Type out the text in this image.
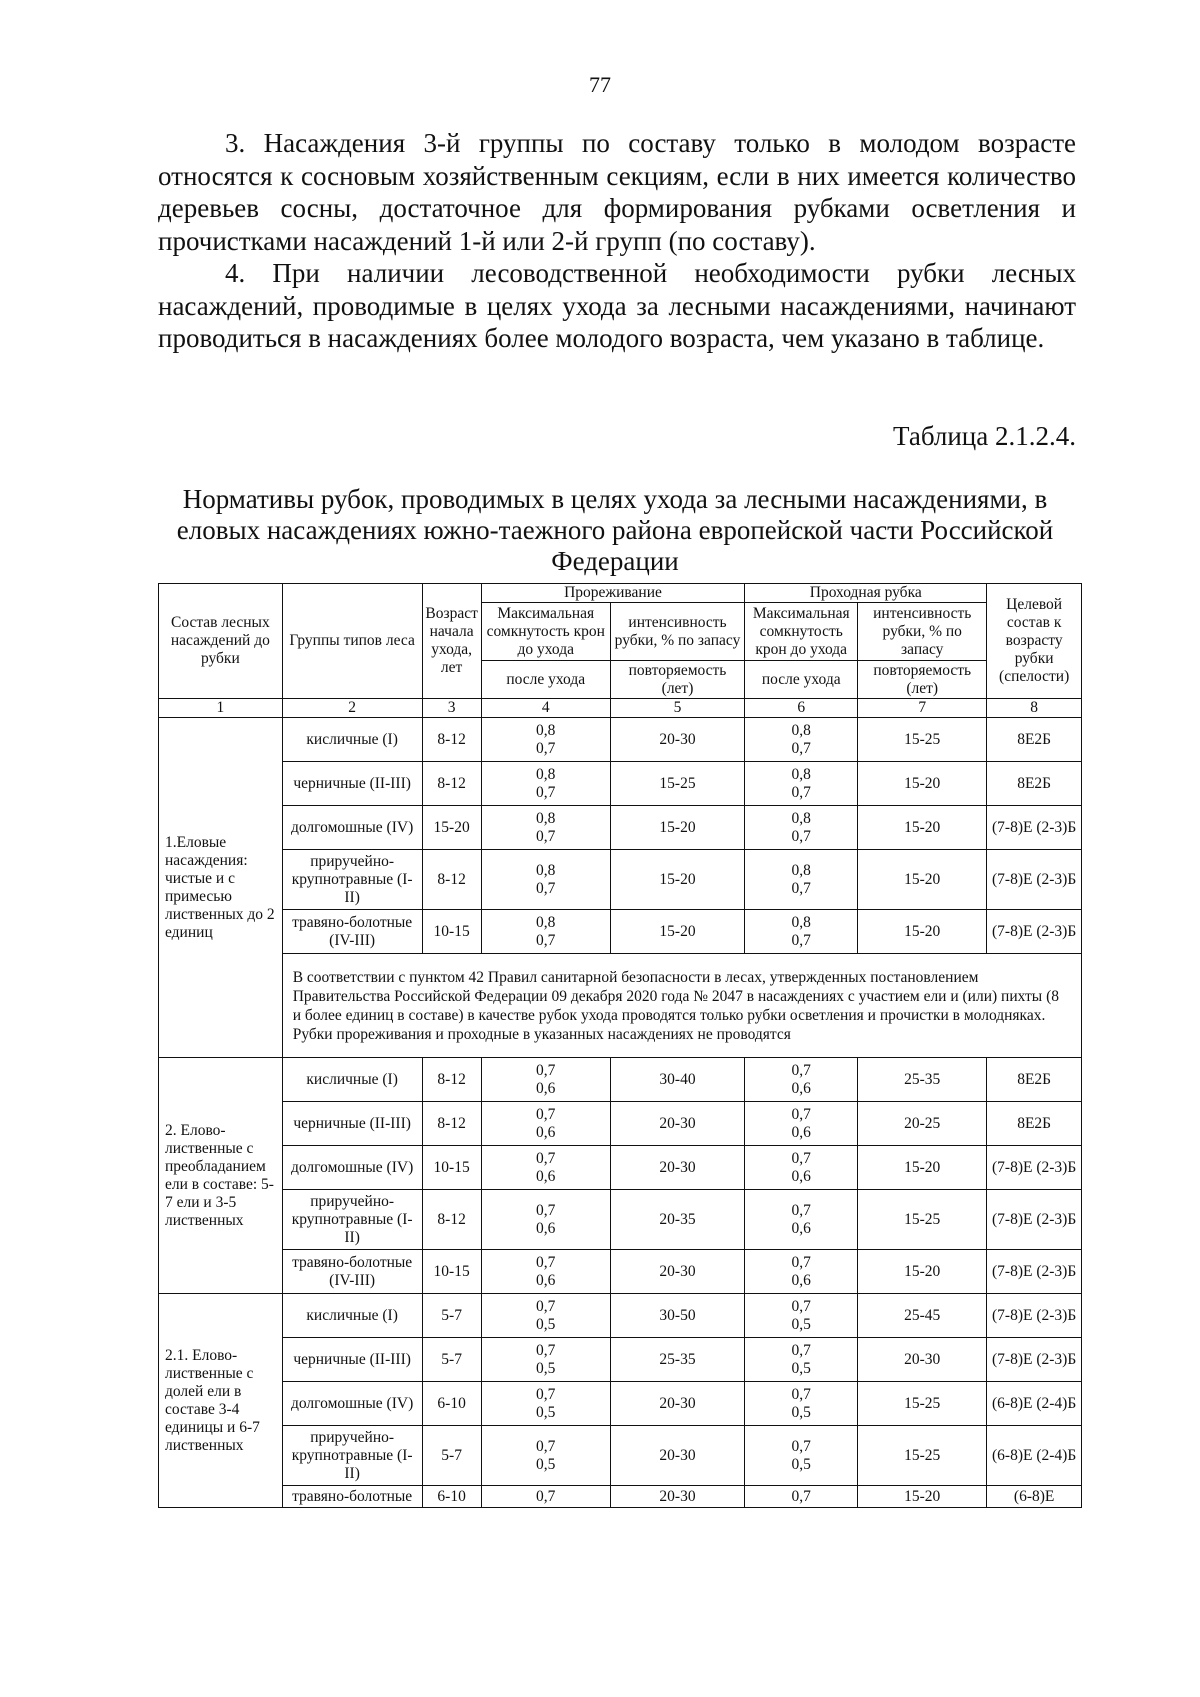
77

3. Насаждения 3-й группы по составу только в молодом возрасте относятся к сосновым хозяйственным секциям, если в них имеется количество деревьев сосны, достаточное для формирования рубками осветления и прочистками насаждений 1-й или 2-й групп (по составу).

4. При наличии лесоводственной необходимости рубки лесных насаждений, проводимые в целях ухода за лесными насаждениями, начинают проводиться в насаждениях более молодого возраста, чем указано в таблице.

Таблица 2.1.2.4.
Нормативы рубок, проводимых в целях ухода за лесными насаждениями, в еловых насаждениях южно-таежного района европейской части Российской Федерации
Состав лесных насаждений до рубки	Группы типов леса	Возраст начала ухода, лет	Прореживание		Проходная рубка		Целевой состав к возрасту рубки (спелости)
			Максимальная сомкнутость крон до ухода	интенсивность рубки, % по запасу	Максимальная сомкнутость крон до ухода	интенсивность рубки, % по запасу	
			после ухода	повторяемость (лет)	после ухода	повторяемость (лет)	
1	2	3	4	5	6	7	8
1.Еловые насаждения: чистые и с примесью лиственных до 2 единиц	кисличные (I)	8-12	0,8
0,7	20-30	0,8
0,7	15-25	8Е2Б
	черничные (II-III)	8-12	0,8
0,7	15-25	0,8
0,7	15-20	8Е2Б
	долгомошные (IV)	15-20	0,8
0,7	15-20	0,8
0,7	15-20	(7-8)Е (2-3)Б
	приручейно-крупнотравные (I-II)	8-12	0,8
0,7	15-20	0,8
0,7	15-20	(7-8)Е (2-3)Б
	травяно-болотные (IV-III)	10-15	0,8
0,7	15-20	0,8
0,7	15-20	(7-8)Е (2-3)Б
	В соответствии с пунктом 42 Правил санитарной безопасности в лесах, утвержденных постановлением Правительства Российской Федерации 09 декабря 2020 года № 2047 в насаждениях с участием ели и (или) пихты (8 и более единиц в составе) в качестве рубок ухода проводятся только рубки осветления и прочистки в молодняках. Рубки прореживания и проходные в указанных насаждениях не проводятся						
2. Елово-лиственные с преобладанием ели в составе: 5-7 ели и 3-5 лиственных	кисличные (I)	8-12	0,7
0,6	30-40	0,7
0,6	25-35	8Е2Б
	черничные (II-III)	8-12	0,7
0,6	20-30	0,7
0,6	20-25	8Е2Б
	долгомошные (IV)	10-15	0,7
0,6	20-30	0,7
0,6	15-20	(7-8)Е (2-3)Б
	приручейно-крупнотравные (I-II)	8-12	0,7
0,6	20-35	0,7
0,6	15-25	(7-8)Е (2-3)Б
	травяно-болотные (IV-III)	10-15	0,7
0,6	20-30	0,7
0,6	15-20	(7-8)Е (2-3)Б
2.1. Елово-лиственные с долей ели в составе 3-4 единицы и 6-7 лиственных	кисличные (I)	5-7	0,7
0,5	30-50	0,7
0,5	25-45	(7-8)Е (2-3)Б
	черничные (II-III)	5-7	0,7
0,5	25-35	0,7
0,5	20-30	(7-8)Е (2-3)Б
	долгомошные (IV)	6-10	0,7
0,5	20-30	0,7
0,5	15-25	(6-8)Е (2-4)Б
	приручейно-крупнотравные (I-II)	5-7	0,7
0,5	20-30	0,7
0,5	15-25	(6-8)Е (2-4)Б
	травяно-болотные	6-10	0,7	20-30	0,7	15-20	(6-8)Е
